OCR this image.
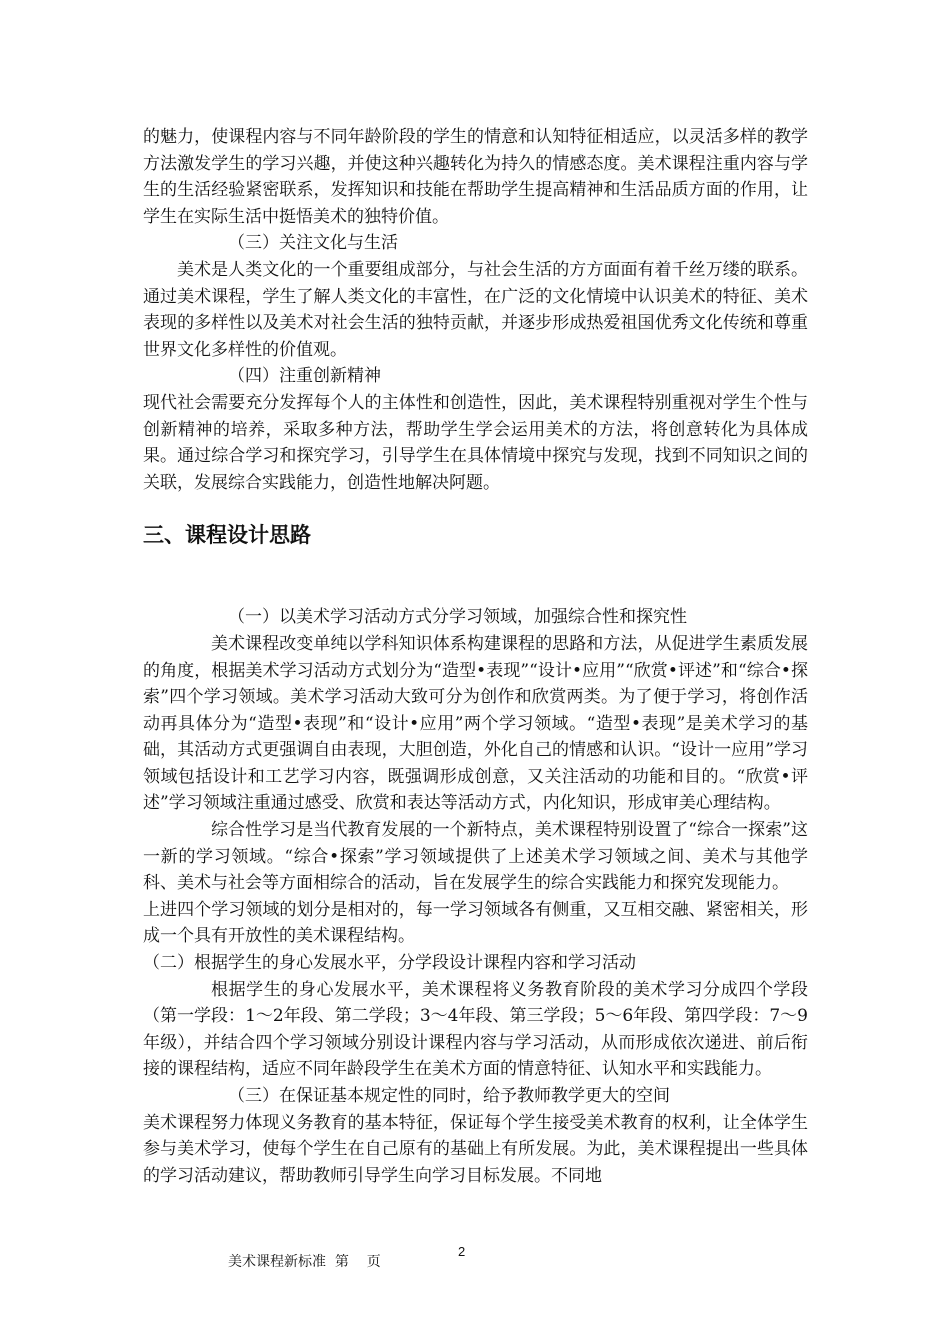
的魅力，使课程内容与不同年龄阶段的学生的情意和认知特征相适应，以灵活多样的教学方法激发学生的学习兴趣，并使这种兴趣转化为持久的情感态度。美术课程注重内容与学生的生活经验紧密联系，发挥知识和技能在帮助学生提高精神和生活品质方面的作用，让学生在实际生活中挺悟美术的独特价值。

（三）关注文化与生活

美术是人类文化的一个重要组成部分，与社会生活的方方面面有着千丝万缕的联系。通过美术课程，学生了解人类文化的丰富性，在广泛的文化情境中认识美术的特征、美术表现的多样性以及美术对社会生活的独特贡献，并逐步形成热爱祖国优秀文化传统和尊重世界文化多样性的价值观。

（四）注重创新精神

现代社会需要充分发挥每个人的主体性和创造性，因此，美术课程特别重视对学生个性与创新精神的培养，采取多种方法，帮助学生学会运用美术的方法，将创意转化为具体成果。通过综合学习和探究学习，引导学生在具体情境中探究与发现，找到不同知识之间的关联，发展综合实践能力，创造性地解决阿题。

三、课程设计思路

（一）以美术学习活动方式分学习领域，加强综合性和探究性

美术课程改变单纯以学科知识体系构建课程的思路和方法，从促进学生素质发展的角度，根据美术学习活动方式划分为“造型•表现”“设计•应用”“欣赏•评述”和“综合•探索”四个学习领域。美术学习活动大致可分为创作和欣赏两类。为了便于学习，将创作活动再具体分为“造型•表现”和“设计•应用”两个学习领域。“造型•表现”是美术学习的基础，其活动方式更强调自由表现，大胆创造，外化自己的情感和认识。“设计一应用”学习领域包括设计和工艺学习内容，既强调形成创意，又关注活动的功能和目的。“欣赏•评述”学习领域注重通过感受、欣赏和表达等活动方式，内化知识，形成审美心理结构。

综合性学习是当代教育发展的一个新特点，美术课程特别设置了“综合一探索”这一新的学习领域。“综合•探索”学习领域提供了上述美术学习领域之间、美术与其他学科、美术与社会等方面相综合的活动，旨在发展学生的综合实践能力和探究发现能力。

上进四个学习领域的划分是相对的，每一学习领域各有侧重，又互相交融、紧密相关，形成一个具有开放性的美术课程结构。

（二）根据学生的身心发展水平，分学段设计课程内容和学习活动

根据学生的身心发展水平，美术课程将义务教育阶段的美术学习分成四个学段（第一学段：1～2年段、第二学段；3～4年段、第三学段；5～6年段、第四学段：7～9年级），并结合四个学习领域分别设计课程内容与学习活动，从而形成依次递进、前后衔接的课程结构，适应不同年龄段学生在美术方面的情意特征、认知水平和实践能力。

（三）在保证基本规定性的同时，给予教师教学更大的空间

美术课程努力体现义务教育的基本特征，保证每个学生接受美术教育的权利，让全体学生参与美术学习，使每个学生在自己原有的基础上有所发展。为此，美术课程提出一些具体的学习活动建议，帮助教师引导学生向学习目标发展。不同地

美术课程新标准  第    页
2
